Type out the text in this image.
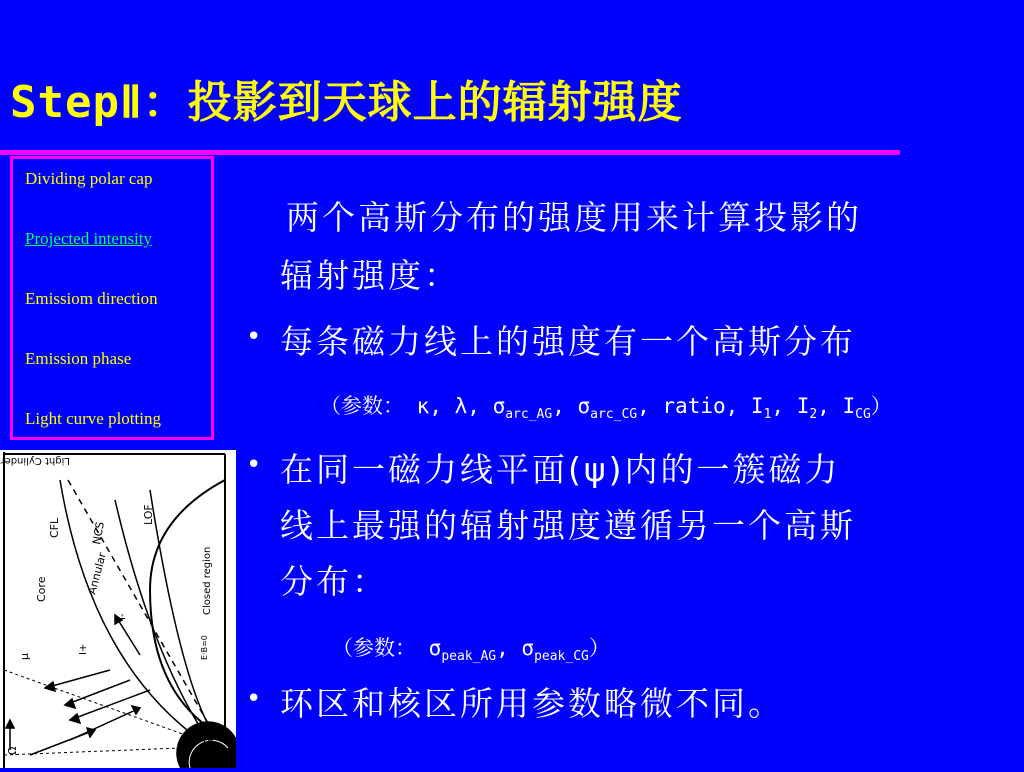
StepⅡ：投影到天球上的辐射强度
Dividing polar cap
Projected intensity
Emissiom direction
Emission phase
Light curve plotting
Light Cylinder
CFL	NCS
LOF
Core	Annular	Closed region
E·B=0
NS
μ
Ω
I+
I-
两个高斯分布的强度用来计算投影的
辐射强度：
• 每条磁力线上的强度有一个高斯分布
（参数： κ, λ, $\sigma_{arc\_AG}$, $\sigma_{arc\_CG}$, ratio, $I_1$, $I_2$, $I_{CG}$）
• 在同一磁力线平面(ψ)内的一簇磁力
线上最强的辐射强度遵循另一个高斯
分布：
（参数： $\sigma_{peak\_AG}$, $\sigma_{peak\_CG}$）
• 环区和核区所用参数略微不同。
